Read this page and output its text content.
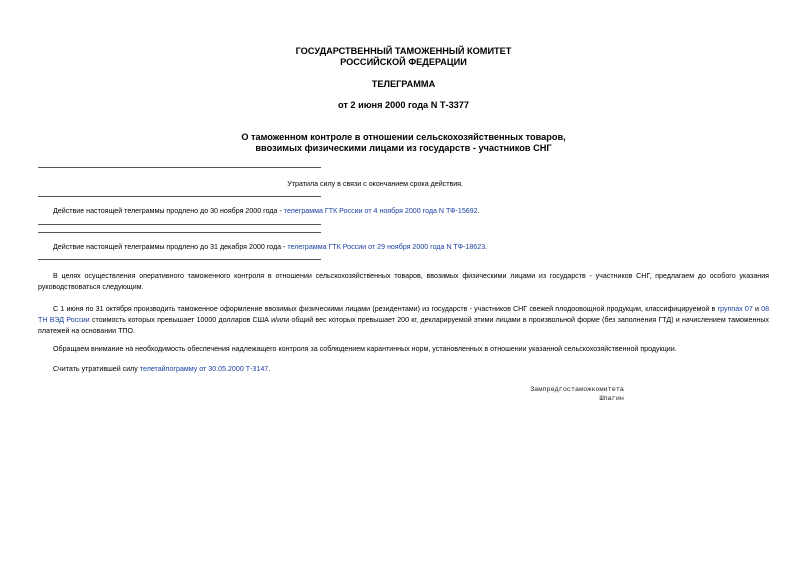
ГОСУДАРСТВЕННЫЙ ТАМОЖЕННЫЙ КОМИТЕТ
РОССИЙСКОЙ ФЕДЕРАЦИИ
ТЕЛЕГРАММА
от 2 июня 2000 года N Т-3377
О таможенном контроле в отношении сельскохозяйственных товаров,
ввозимых физическими лицами из государств - участников СНГ
Утратила силу в связи с окончанием срока действия.
Действие настоящей телеграммы продлено до 30 ноября 2000 года - телеграмма ГТК России от 4 ноября 2000 года N ТФ-15692.
Действие настоящей телеграммы продлено до 31 декабря 2000 года - телеграмма ГТК России от 29 ноября 2000 года N ТФ-18623.
В целях осуществления оперативного таможенного контроля в отношении сельскохозяйственных товаров, ввозимых физическими лицами из государств - участников СНГ, предлагаем до особого указания руководствоваться следующим.
С 1 июня по 31 октября производить таможенное оформление ввозимых физическими лицами (резидентами) из государств - участников СНГ свежей плодоовощной продукции, классифицируемой в группах 07 и 08 ТН ВЭД России стоимость которых превышает 10000 долларов США и/или общий вес которых превышает 200 кг, декларируемой этими лицами в произвольной форме (без заполнения ГТД) и начислением таможенных платежей на основании ТПО.
Обращаем внимание на необходимость обеспечения надлежащего контроля за соблюдением карантинных норм, установленных в отношении указанной сельскохозяйственной продукции.
Считать утратившей силу телетайпограмму от 30.05.2000 Т-3147.
Зампредгостаможкомитета
Шпагин
